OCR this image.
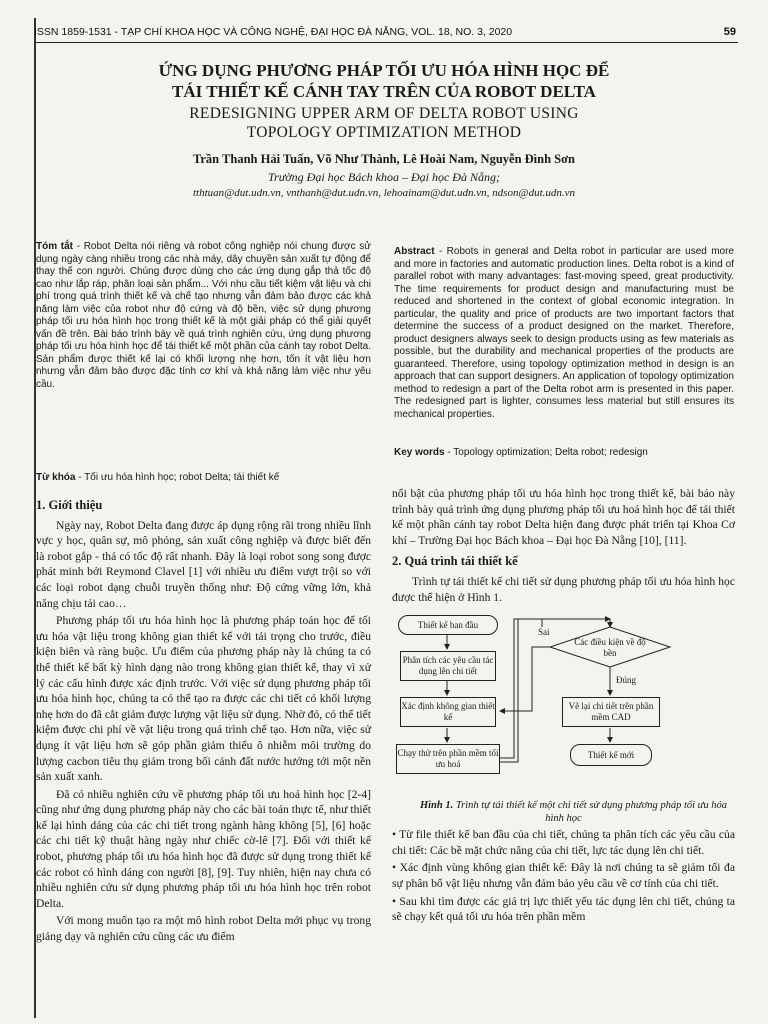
ISSN 1859-1531 - TẠP CHÍ KHOA HỌC VÀ CÔNG NGHỆ, ĐẠI HỌC ĐÀ NẴNG, VOL. 18, NO. 3, 2020	59

ỨNG DỤNG PHƯƠNG PHÁP TỐI ƯU HÓA HÌNH HỌC ĐỂ
TÁI THIẾT KẾ CÁNH TAY TRÊN CỦA ROBOT DELTA

REDESIGNING UPPER ARM OF DELTA ROBOT USING
TOPOLOGY OPTIMIZATION METHOD

Trần Thanh Hải Tuấn, Võ Như Thành, Lê Hoài Nam, Nguyễn Đình Sơn
Trường Đại học Bách khoa – Đại học Đà Nẵng;
tthtuan@dut.udn.vn, vnthanh@dut.udn.vn, lehoainam@dut.udn.vn, ndson@dut.udn.vn
Tóm tắt - Robot Delta nói riêng và robot công nghiệp nói chung được sử dụng ngày càng nhiều trong các nhà máy, dây chuyền sản xuất tự động để thay thế con người. Chúng được dùng cho các ứng dụng gắp thả tốc độ cao như lắp ráp, phân loại sản phẩm... Với nhu cầu tiết kiệm vật liệu và chi phí trong quá trình thiết kế và chế tạo nhưng vẫn đảm bảo được các khả năng làm việc của robot như độ cứng và độ bền, việc sử dụng phương pháp tối ưu hóa hình học trong thiết kế là một giải pháp có thể giải quyết vấn đề trên. Bài báo trình bày về quá trình nghiên cứu, ứng dụng phương pháp tối ưu hóa hình học để tái thiết kế một phần của cánh tay robot Delta. Sản phẩm được thiết kế lại có khối lượng nhẹ hơn, tốn ít vật liệu hơn nhưng vẫn đảm bảo được đặc tính cơ khí và khả năng làm việc như yêu cầu.
Abstract - Robots in general and Delta robot in particular are used more and more in factories and automatic production lines. Delta robot is a kind of parallel robot with many advantages: fast-moving speed, great productivity. The time requirements for product design and manufacturing must be reduced and shortened in the context of global economic integration. In particular, the quality and price of products are two important factors that determine the success of a product designed on the market. Therefore, product designers always seek to design products using as few materials as possible, but the durability and mechanical properties of the products are guaranteed. Therefore, using topology optimization method in design is an approach that can support designers. An application of topology optimization method to redesign a part of the Delta robot arm is presented in this paper. The redesigned part is lighter, consumes less material but still ensures its mechanical properties.
Từ khóa - Tối ưu hóa hình học; robot Delta; tái thiết kế
Key words - Topology optimization; Delta robot; redesign
1. Giới thiệu

Ngày nay, Robot Delta đang được áp dụng rộng rãi trong nhiều lĩnh vực y học, quân sự, mô phỏng, sản xuất công nghiệp và được biết đến là robot gắp - thả có tốc độ rất nhanh. Đây là loại robot song song được phát minh bởi Reymond Clavel [1] với nhiều ưu điểm vượt trội so với các loại robot dạng chuỗi truyền thống như: Độ cứng vững lớn, khả năng chịu tải cao…

Phương pháp tối ưu hóa hình học là phương pháp toán học để tối ưu hóa vật liệu trong không gian thiết kế với tải trọng cho trước, điều kiện biên và ràng buộc. Ưu điểm của phương pháp này là chúng ta có thể thiết kế bất kỳ hình dạng nào trong không gian thiết kế, thay vì xử lý các cấu hình được xác định trước. Với việc sử dụng phương pháp tối ưu hóa hình học, chúng ta có thể tạo ra được các chi tiết có khối lượng nhẹ hơn do đã cắt giảm được lượng vật liệu sử dụng. Nhờ đó, có thể tiết kiệm được chi phí về vật liệu trong quá trình chế tạo. Hơn nữa, việc sử dụng ít vật liệu hơn sẽ góp phần giảm thiểu ô nhiễm môi trường do lượng cacbon tiêu thụ giảm trong bối cảnh đất nước hướng tới một nền sản xuất xanh.

Đã có nhiều nghiên cứu về phương pháp tối ưu hoá hình học [2-4] cũng như ứng dụng phương pháp này cho các bài toán thực tế, như thiết kế lại hình dáng của các chi tiết trong ngành hàng không [5], [6] hoặc các chi tiết kỹ thuật hàng ngày như chiếc cờ-lê [7]. Đối với thiết kế robot, phương pháp tối ưu hóa hình học đã được sử dụng trong thiết kế các robot có hình dáng con người [8], [9]. Tuy nhiên, hiện nay chưa có nhiều nghiên cứu sử dụng phương pháp tối ưu hóa hình học trên robot Delta.

Với mong muốn tạo ra một mô hình robot Delta mới phục vụ trong giảng dạy và nghiên cứu cũng các ưu điểm

nổi bật của phương pháp tối ưu hóa hình học trong thiết kế, bài báo này trình bày quá trình ứng dụng phương pháp tối ưu hoá hình học để tái thiết kế một phần cánh tay robot Delta hiện đang được phát triển tại Khoa Cơ khí – Trường Đại học Bách khoa – Đại học Đà Nẵng [10], [11].

2. Quá trình tái thiết kế

Trình tự tái thiết kế chi tiết sử dụng phương pháp tối ưu hóa hình học được thể hiện ở Hình 1.

Thiết kế ban đầu
Phân tích các yêu cầu tác dụng lên chi tiết
Xác định không gian thiết kế
Chạy thử trên phần mềm tối ưu hoá
Các điều kiện về độ bền
Sai
Đúng
Vẽ lại chi tiết trên phần mềm CAD
Thiết kế mới

Hình 1. Trình tự tái thiết kế một chi tiết sử dụng phương pháp tối ưu hóa hình học

• Từ file thiết kế ban đầu của chi tiết, chúng ta phân tích các yêu cầu của chi tiết: Các bề mặt chức năng của chi tiết, lực tác dụng lên chi tiết.

• Xác định vùng không gian thiết kế: Đây là nơi chúng ta sẽ giảm tối đa sự phân bố vật liệu nhưng vẫn đảm bảo yêu cầu về cơ tính của chi tiết.

• Sau khi tìm được các giá trị lực thiết yếu tác dụng lên chi tiết, chúng ta sẽ chạy kết quả tối ưu hóa trên phần mềm
